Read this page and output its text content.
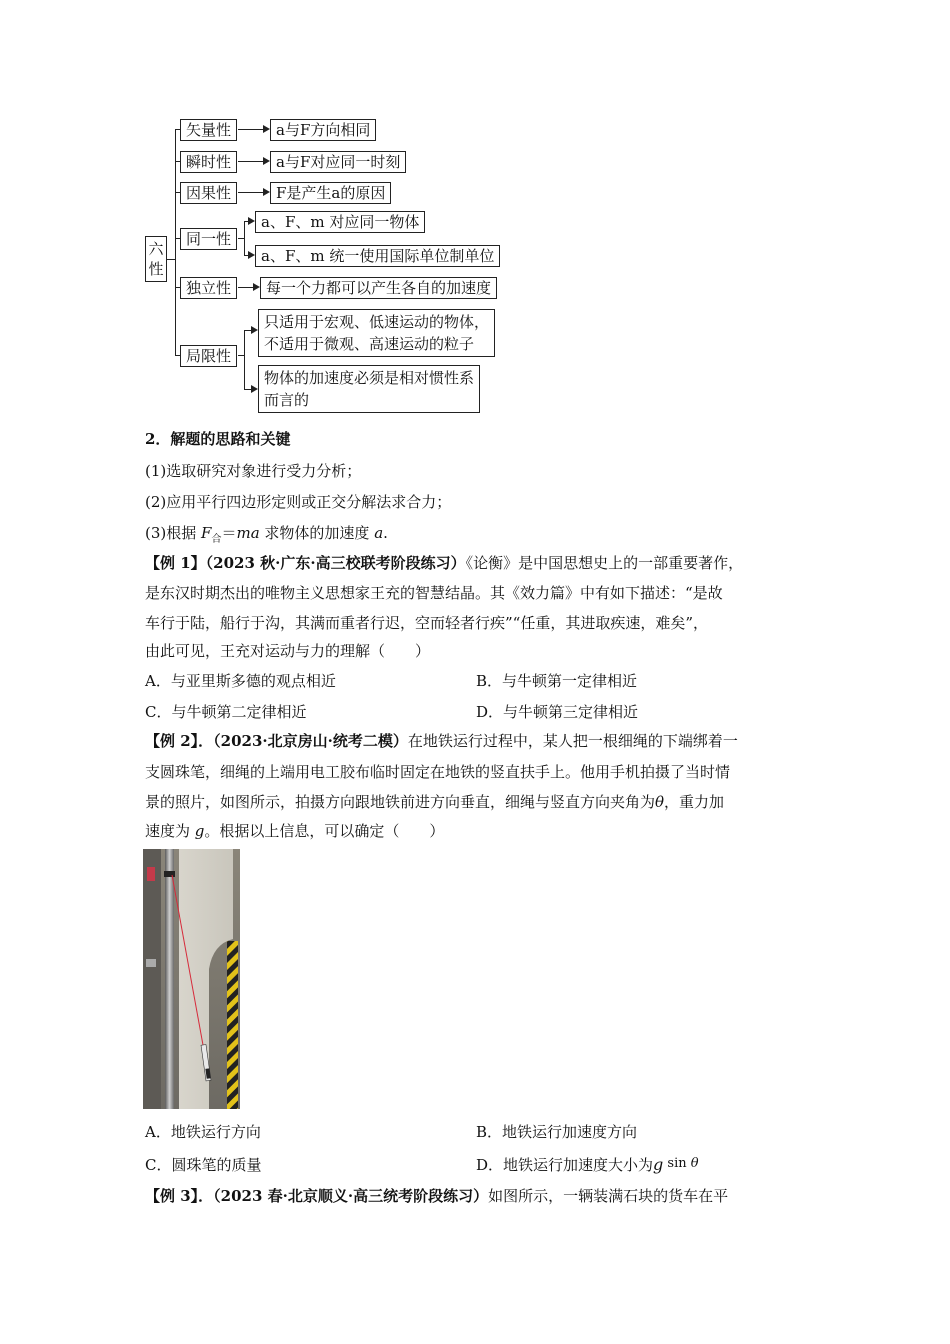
六性
矢量性
瞬时性
因果性
同一性
独立性
局限性
a与F方向相同
a与F对应同一时刻
F是产生a的原因
a、F、m 对应同一物体
a、F、m 统一使用国际单位制单位
每一个力都可以产生各自的加速度
只适用于宏观、低速运动的物体，
不适用于微观、高速运动的粒子
物体的加速度必须是相对惯性系
而言的
2．解题的思路和关键
(1)选取研究对象进行受力分析；
(2)应用平行四边形定则或正交分解法求合力；
(3)根据 $F_合=ma$ 求物体的加速度 a.
【例 1】（2023 秋·广东·高三校联考阶段练习）《论衡》是中国思想史上的一部重要著作，
是东汉时期杰出的唯物主义思想家王充的智慧结晶。其《效力篇》中有如下描述：“是故
车行于陆，船行于沟，其满而重者行迟，空而轻者行疾”“任重，其进取疾速，难矣”，
由此可见，王充对运动与力的理解（　　）
A．与亚里斯多德的观点相近	B．与牛顿第一定律相近
C．与牛顿第二定律相近	D．与牛顿第三定律相近
【例 2】．（2023·北京房山·统考二模）在地铁运行过程中，某人把一根细绳的下端绑着一
支圆珠笔，细绳的上端用电工胶布临时固定在地铁的竖直扶手上。他用手机拍摄了当时情
景的照片，如图所示，拍摄方向跟地铁前进方向垂直，细绳与竖直方向夹角为θ，重力加
速度为 g。根据以上信息，可以确定（　　）
A．地铁运行方向	B．地铁运行加速度方向
C．圆珠笔的质量	D．地铁运行加速度大小为g sin θ
【例 3】．（2023 春·北京顺义·高三统考阶段练习）如图所示，一辆装满石块的货车在平
